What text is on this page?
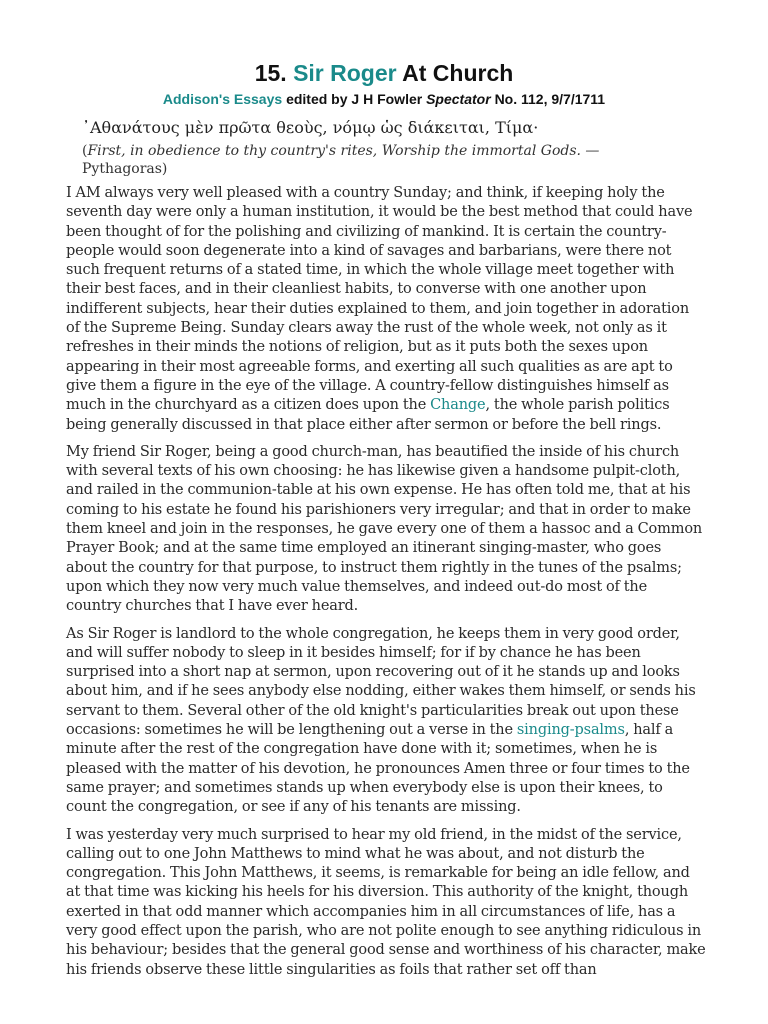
15. Sir Roger At Church
Addison's Essays edited by J H Fowler Spectator No. 112, 9/7/1711
᾿Αθανάτους μὲν πρῶτα θεοὺς, νόμῳ ὡς διάκειται, Τίμα·
(First, in obedience to thy country's rites, Worship the immortal Gods. —
Pythagoras)

I AM always very well pleased with a country Sunday; and think, if keeping holy the seventh day were only a human institution, it would be the best method that could have been thought of for the polishing and civilizing of mankind. It is certain the country-people would soon degenerate into a kind of savages and barbarians, were there not such frequent returns of a stated time, in which the whole village meet together with their best faces, and in their cleanliest habits, to converse with one another upon indifferent subjects, hear their duties explained to them, and join together in adoration of the Supreme Being. Sunday clears away the rust of the whole week, not only as it refreshes in their minds the notions of religion, but as it puts both the sexes upon appearing in their most agreeable forms, and exerting all such qualities as are apt to give them a figure in the eye of the village. A country-fellow distinguishes himself as much in the churchyard as a citizen does upon the Change, the whole parish politics being generally discussed in that place either after sermon or before the bell rings.

My friend Sir Roger, being a good church-man, has beautified the inside of his church with several texts of his own choosing: he has likewise given a handsome pulpit-cloth, and railed in the communion-table at his own expense. He has often told me, that at his coming to his estate he found his parishioners very irregular; and that in order to make them kneel and join in the responses, he gave every one of them a hassoc and a Common Prayer Book; and at the same time employed an itinerant singing-master, who goes about the country for that purpose, to instruct them rightly in the tunes of the psalms; upon which they now very much value themselves, and indeed out-do most of the country churches that I have ever heard.

As Sir Roger is landlord to the whole congregation, he keeps them in very good order, and will suffer nobody to sleep in it besides himself; for if by chance he has been surprised into a short nap at sermon, upon recovering out of it he stands up and looks about him, and if he sees anybody else nodding, either wakes them himself, or sends his servant to them. Several other of the old knight's particularities break out upon these occasions: sometimes he will be lengthening out a verse in the singing-psalms, half a minute after the rest of the congregation have done with it; sometimes, when he is pleased with the matter of his devotion, he pronounces Amen three or four times to the same prayer; and sometimes stands up when everybody else is upon their knees, to count the congregation, or see if any of his tenants are missing.

I was yesterday very much surprised to hear my old friend, in the midst of the service, calling out to one John Matthews to mind what he was about, and not disturb the congregation. This John Matthews, it seems, is remarkable for being an idle fellow, and at that time was kicking his heels for his diversion. This authority of the knight, though exerted in that odd manner which accompanies him in all circumstances of life, has a very good effect upon the parish, who are not polite enough to see anything ridiculous in his behaviour; besides that the general good sense and worthiness of his character, make his friends observe these little singularities as foils that rather set off than
